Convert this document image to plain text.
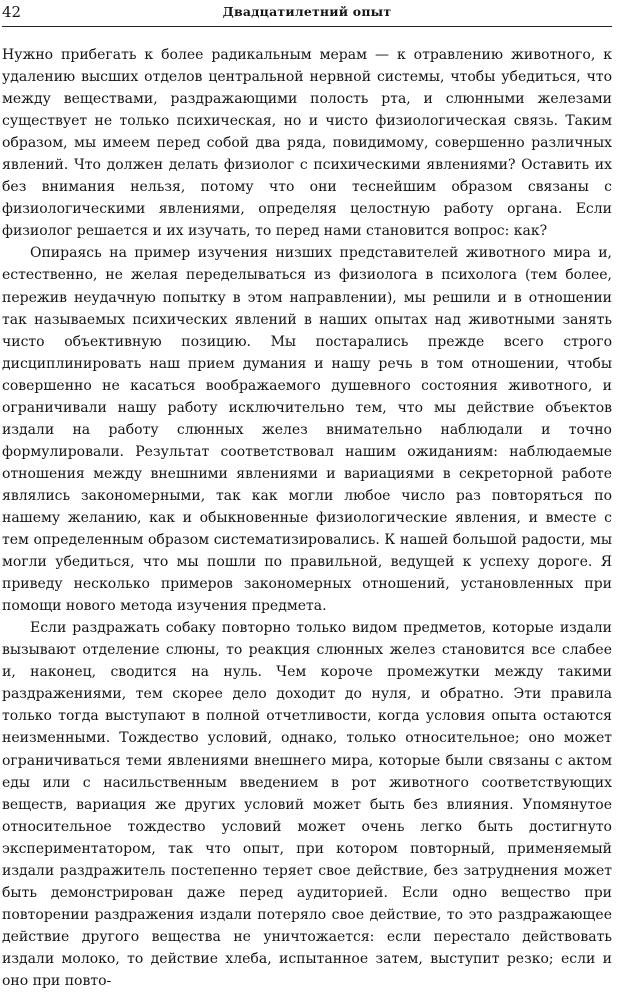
42	Двадцатилетний опыт

Нужно прибегать к более радикальным мерам — к отравлению животного, к удалению высших отделов центральной нервной системы, чтобы убедиться, что между веществами, раздражающими полость рта, и слюнными железами существует не только психическая, но и чисто физиологическая связь. Таким образом, мы имеем перед собой два ряда, повидимому, совершенно различных явлений. Что должен делать физиолог с психическими явлениями? Оставить их без внимания нельзя, потому что они теснейшим образом связаны с физиологическими явлениями, определяя целостную работу органа. Если физиолог решается и их изучать, то перед нами становится вопрос: как?

Опираясь на пример изучения низших представителей животного мира и, естественно, не желая переделываться из физиолога в психолога (тем более, пережив неудачную попытку в этом направлении), мы решили и в отношении так называемых психических явлений в наших опытах над животными занять чисто объективную позицию. Мы постарались прежде всего строго дисциплинировать наш прием думания и нашу речь в том отношении, чтобы совершенно не касаться воображаемого душевного состояния животного, и ограничивали нашу работу исключительно тем, что мы действие объектов издали на работу слюнных желез внимательно наблюдали и точно формулировали. Результат соответствовал нашим ожиданиям: наблюдаемые отношения между внешними явлениями и вариациями в секреторной работе являлись закономерными, так как могли любое число раз повторяться по нашему желанию, как и обыкновенные физиологические явления, и вместе с тем определенным образом систематизировались. К нашей большой радости, мы могли убедиться, что мы пошли по правильной, ведущей к успеху дороге. Я приведу несколько примеров закономерных отношений, установленных при помощи нового метода изучения предмета.

Если раздражать собаку повторно только видом предметов, которые издали вызывают отделение слюны, то реакция слюнных желез становится все слабее и, наконец, сводится на нуль. Чем короче промежутки между такими раздражениями, тем скорее дело доходит до нуля, и обратно. Эти правила только тогда выступают в полной отчетливости, когда условия опыта остаются неизменными. Тождество условий, однако, только относительное; оно может ограничиваться теми явлениями внешнего мира, которые были связаны с актом еды или с насильственным введением в рот животного соответствующих веществ, вариация же других условий может быть без влияния. Упомянутое относительное тождество условий может очень легко быть достигнуто экспериментатором, так что опыт, при котором повторный, применяемый издали раздражитель постепенно теряет свое действие, без затруднения может быть демонстрирован даже перед аудиторией. Если одно вещество при повторении раздражения издали потеряло свое действие, то это раздражающее действие другого вещества не уничтожается: если перестало действовать издали молоко, то действие хлеба, испытанное затем, выступит резко; если и оно при повто-
